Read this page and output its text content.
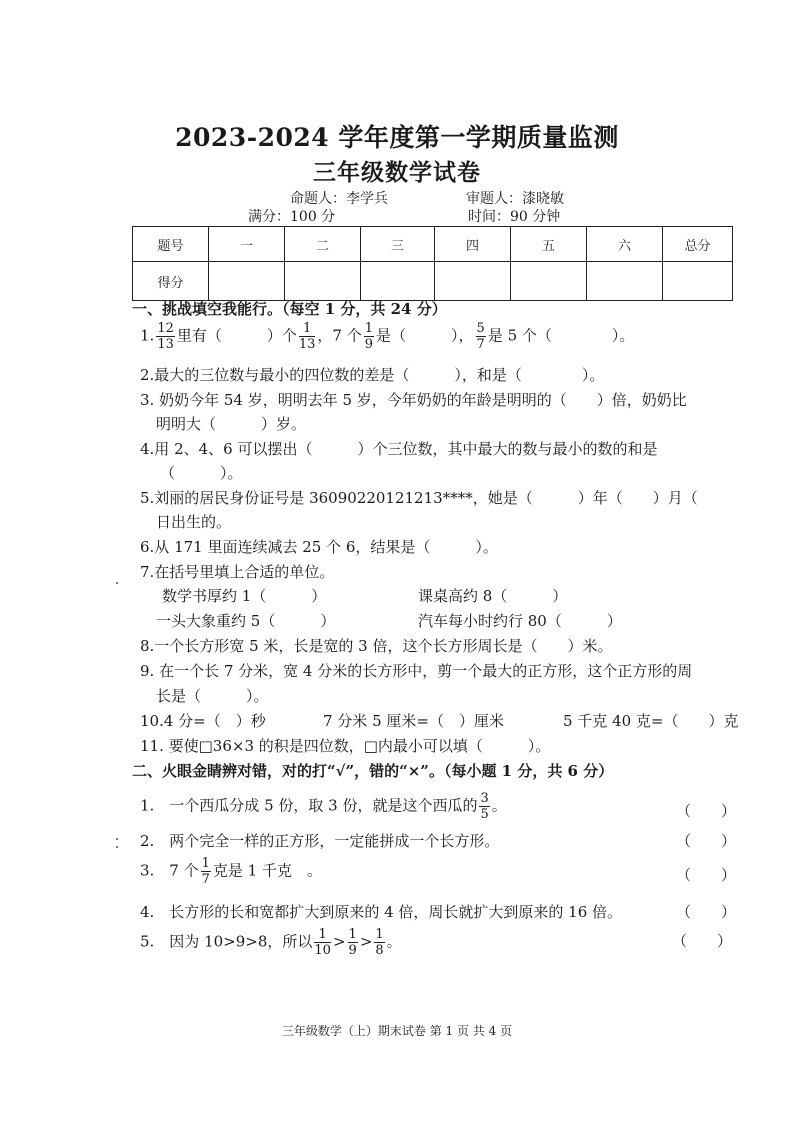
2023-2024 学年度第一学期质量监测
三年级数学试卷
命题人：李学兵	审题人：漆晓敏
满分：100 分	时间：90 分钟
题号	一	二	三	四	五	六	总分
得分							
一、挑战填空我能行。（每空 1 分，共 24 分）
1. $\frac{12}{13}$ 里有（　　　）个 $\frac{1}{13}$ ，7 个 $\frac{1}{9}$ 是（　　　）， $\frac{5}{7}$ 是 5 个（　　　　）。
2.最大的三位数与最小的四位数的差是（　　　），和是（　　　　）。
3. 奶奶今年 54 岁，明明去年 5 岁，今年奶奶的年龄是明明的（　　）倍，奶奶比
明明大（　　　）岁。
4.用 2、4、6 可以摆出（　　　）个三位数，其中最大的数与最小的数的和是
（　　　）。
5.刘丽的居民身份证号是 36090220121213****，她是（　　　）年（　　）月（　
日出生的。
6.从 171 里面连续减去 25 个 6，结果是（　　　）。
7.在括号里填上合适的单位。
数学书厚约 1（　　　）	课桌高约 8（　　　）
一头大象重约 5（　　　）	汽车每小时约行 80（　　　）
8.一个长方形宽 5 米，长是宽的 3 倍，这个长方形周长是（　　）米。
9. 在一个长 7 分米，宽 4 分米的长方形中，剪一个最大的正方形，这个正方形的周
长是（　　　）。
10.4 分=（　）秒	7 分米 5 厘米=（　）厘米	5 千克 40 克=（　　）克
11. 要使□36×3 的积是四位数，□内最小可以填（　　　）。
二、火眼金睛辨对错，对的打“√”，错的“×”。（每小题 1 分，共 6 分）
1.　一个西瓜分成 5 份，取 3 份，就是这个西瓜的 $\frac{3}{5}$ 。	（　　）
2.　两个完全一样的正方形，一定能拼成一个长方形。	（　　）
3.　7 个 $\frac{1}{7}$ 克是 1 千克　。	（　　）
4.　长方形的长和宽都扩大到原来的 4 倍，周长就扩大到原来的 16 倍。	（　　）
5.　因为 10>9>8，所以 $\frac{1}{10} > \frac{1}{9} > \frac{1}{8}$ 。	（　　）
三年级数学（上）期末试卷 第 1 页 共 4 页
